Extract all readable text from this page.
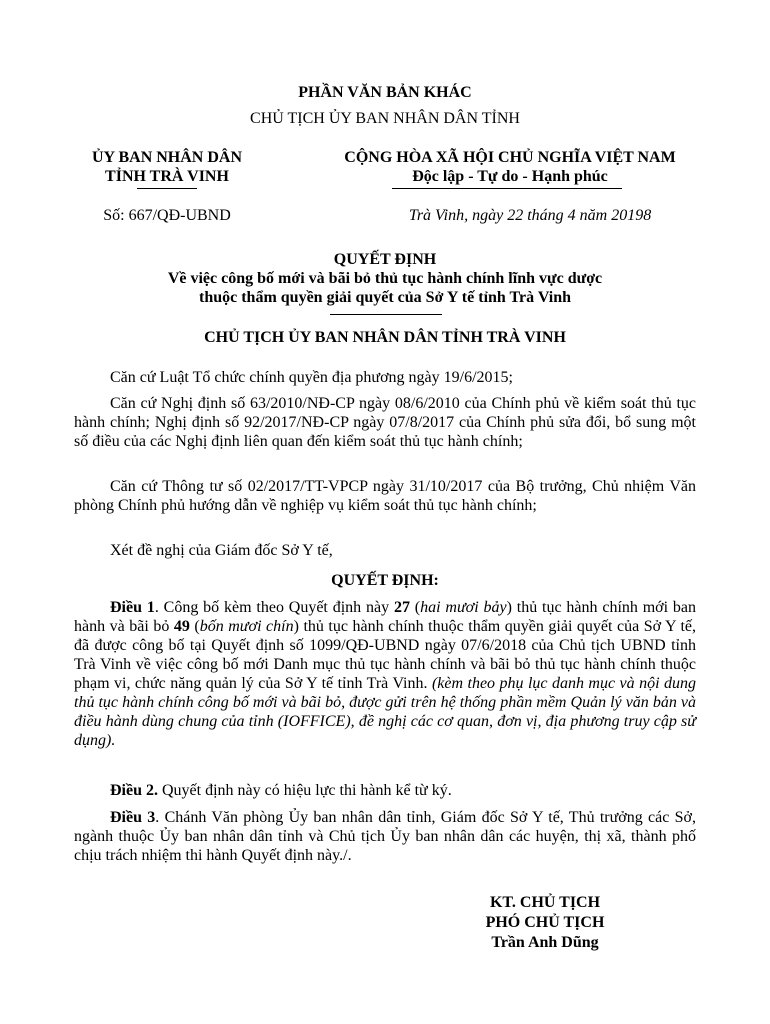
PHẦN VĂN BẢN KHÁC
CHỦ TỊCH ỦY BAN NHÂN DÂN TỈNH
ỦY BAN NHÂN DÂN
TỈNH TRÀ VINH
Số: 667/QĐ-UBND
CỘNG HÒA XÃ HỘI CHỦ NGHĨA VIỆT NAM
Độc lập - Tự do - Hạnh phúc
Trà Vinh, ngày 22 tháng 4 năm 20198
QUYẾT ĐỊNH
Về việc công bố mới và bãi bỏ thủ tục hành chính lĩnh vực dược
thuộc thẩm quyền giải quyết của Sở Y tế tỉnh Trà Vinh
CHỦ TỊCH ỦY BAN NHÂN DÂN TỈNH TRÀ VINH

Căn cứ Luật Tổ chức chính quyền địa phương ngày 19/6/2015;

Căn cứ Nghị định số 63/2010/NĐ-CP ngày 08/6/2010 của Chính phủ về kiểm soát thủ tục hành chính; Nghị định số 92/2017/NĐ-CP ngày 07/8/2017 của Chính phủ sửa đổi, bổ sung một số điều của các Nghị định liên quan đến kiểm soát thủ tục hành chính;

Căn cứ Thông tư số 02/2017/TT-VPCP ngày 31/10/2017 của Bộ trưởng, Chủ nhiệm Văn phòng Chính phủ hướng dẫn về nghiệp vụ kiểm soát thủ tục hành chính;

Xét đề nghị của Giám đốc Sở Y tế,

QUYẾT ĐỊNH:

Điều 1. Công bố kèm theo Quyết định này 27 (hai mươi bảy) thủ tục hành chính mới ban hành và bãi bỏ 49 (bốn mươi chín) thủ tục hành chính thuộc thẩm quyền giải quyết của Sở Y tế, đã được công bố tại Quyết định số 1099/QĐ-UBND ngày 07/6/2018 của Chủ tịch UBND tỉnh Trà Vinh về việc công bố mới Danh mục thủ tục hành chính và bãi bỏ thủ tục hành chính thuộc phạm vi, chức năng quản lý của Sở Y tế tỉnh Trà Vinh. (kèm theo phụ lục danh mục và nội dung thủ tục hành chính công bố mới và bãi bỏ, được gửi trên hệ thống phần mềm Quản lý văn bản và điều hành dùng chung của tỉnh (IOFFICE), đề nghị các cơ quan, đơn vị, địa phương truy cập sử dụng).

Điều 2. Quyết định này có hiệu lực thi hành kể từ ký.

Điều 3. Chánh Văn phòng Ủy ban nhân dân tỉnh, Giám đốc Sở Y tế, Thủ trưởng các Sở, ngành thuộc Ủy ban nhân dân tỉnh và Chủ tịch Ủy ban nhân dân các huyện, thị xã, thành phố chịu trách nhiệm thi hành Quyết định này./.

KT. CHỦ TỊCH
PHÓ CHỦ TỊCH
Trần Anh Dũng
